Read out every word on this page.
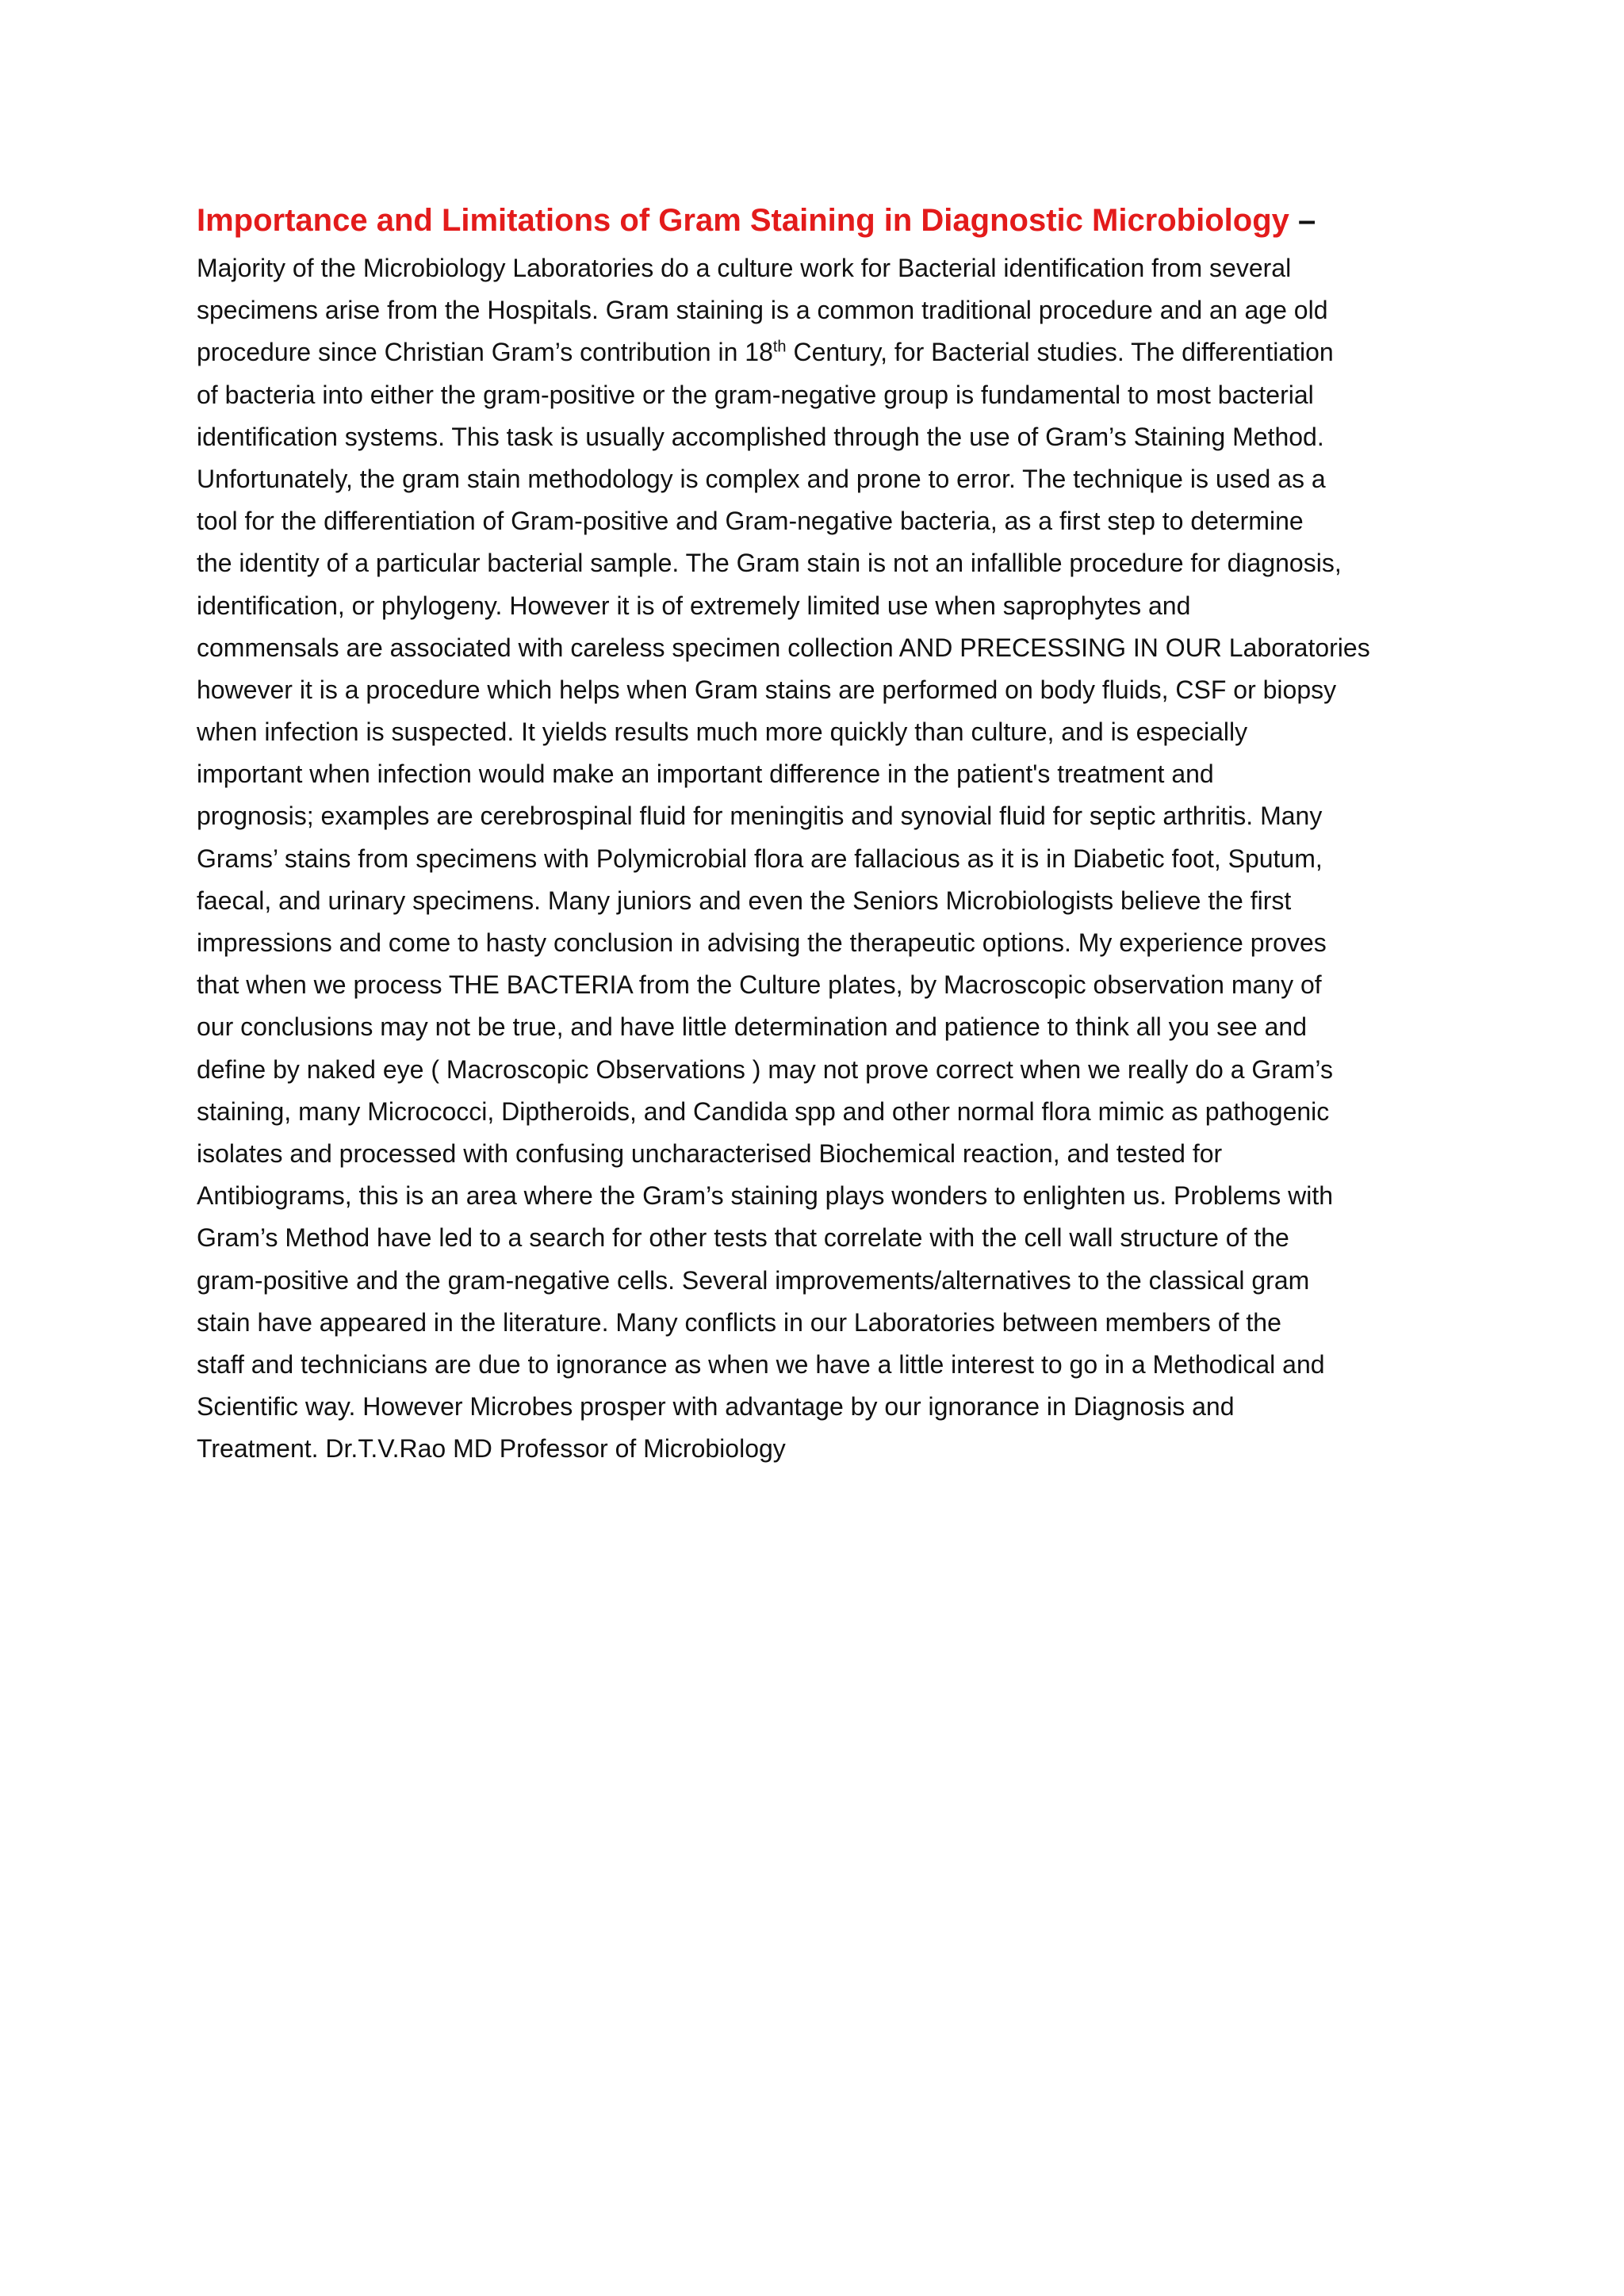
Importance and Limitations of Gram Staining in Diagnostic Microbiology –

Majority of the Microbiology Laboratories do a culture work for Bacterial identification from several
specimens arise from the Hospitals. Gram staining is a common traditional procedure and an age old
procedure since Christian Gram’s contribution in 18th Century, for Bacterial studies. The differentiation
of bacteria into either the gram-positive or the gram-negative group is fundamental to most bacterial
identification systems. This task is usually accomplished through the use of Gram’s Staining Method.
Unfortunately, the gram stain methodology is complex and prone to error. The technique is used as a
tool for the differentiation of Gram-positive and Gram-negative bacteria, as a first step to determine
the identity of a particular bacterial sample. The Gram stain is not an infallible procedure for diagnosis,
identification, or phylogeny. However it is of extremely limited use when saprophytes and
commensals are associated with careless specimen collection AND PRECESSING IN OUR Laboratories
however it is a procedure which helps when Gram stains are performed on body fluids, CSF or biopsy
when infection is suspected. It yields results much more quickly than culture, and is especially
important when infection would make an important difference in the patient's treatment and
prognosis; examples are cerebrospinal fluid for meningitis and synovial fluid for septic arthritis. Many
Grams’ stains from specimens with Polymicrobial flora are fallacious as it is in Diabetic foot, Sputum,
faecal, and urinary specimens. Many juniors and even the Seniors Microbiologists believe the first
impressions and come to hasty conclusion in advising the therapeutic options. My experience proves
that when we process THE BACTERIA from the Culture plates, by Macroscopic observation many of
our conclusions may not be true, and have little determination and patience to think all you see and
define by naked eye ( Macroscopic Observations ) may not prove correct when we really do a Gram’s
staining, many Micrococci, Diptheroids, and Candida spp and other normal flora mimic as pathogenic
isolates and processed with confusing uncharacterised Biochemical reaction, and tested for
Antibiograms, this is an area where the Gram’s staining plays wonders to enlighten us. Problems with
Gram’s Method have led to a search for other tests that correlate with the cell wall structure of the
gram-positive and the gram-negative cells. Several improvements/alternatives to the classical gram
stain have appeared in the literature. Many conflicts in our Laboratories between members of the
staff and technicians are due to ignorance as when we have a little interest to go in a Methodical and
Scientific way. However Microbes prosper with advantage by our ignorance in Diagnosis and
Treatment. Dr.T.V.Rao MD Professor of Microbiology
